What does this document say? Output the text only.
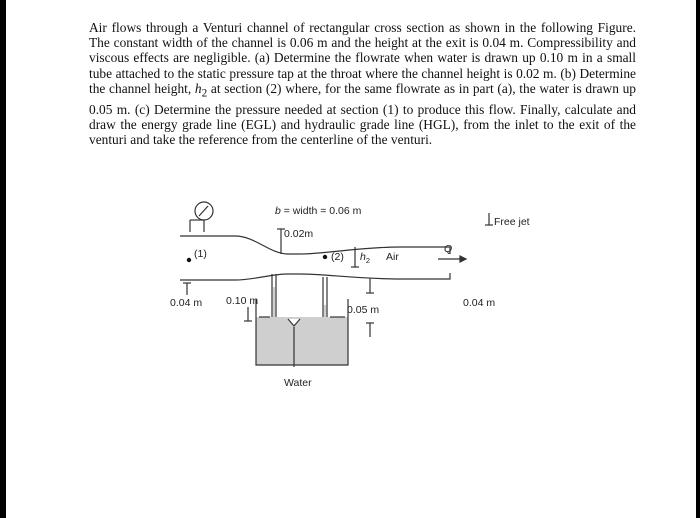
Air flows through a Venturi channel of rectangular cross section as shown in the following Figure. The constant width of the channel is 0.06 m and the height at the exit is 0.04 m. Compressibility and viscous effects are negligible. (a) Determine the flowrate when water is drawn up 0.10 m in a small tube attached to the static pressure tap at the throat where the channel height is 0.02 m. (b) Determine the channel height, $h_2$ at section (2) where, for the same flowrate as in part (a), the water is drawn up 0.05 m. (c) Determine the pressure needed at section (1) to produce this flow. Finally, calculate and draw the energy grade line (EGL) and hydraulic grade line (HGL), from the inlet to the exit of the venturi and take the reference from the centerline of the venturi.
b = width = 0.06 m
0.02m
Free jet
(1)	(2) $h_2$ Air
Q
0.04 m 0.10 m
0.05 m
0.04 m
Water
